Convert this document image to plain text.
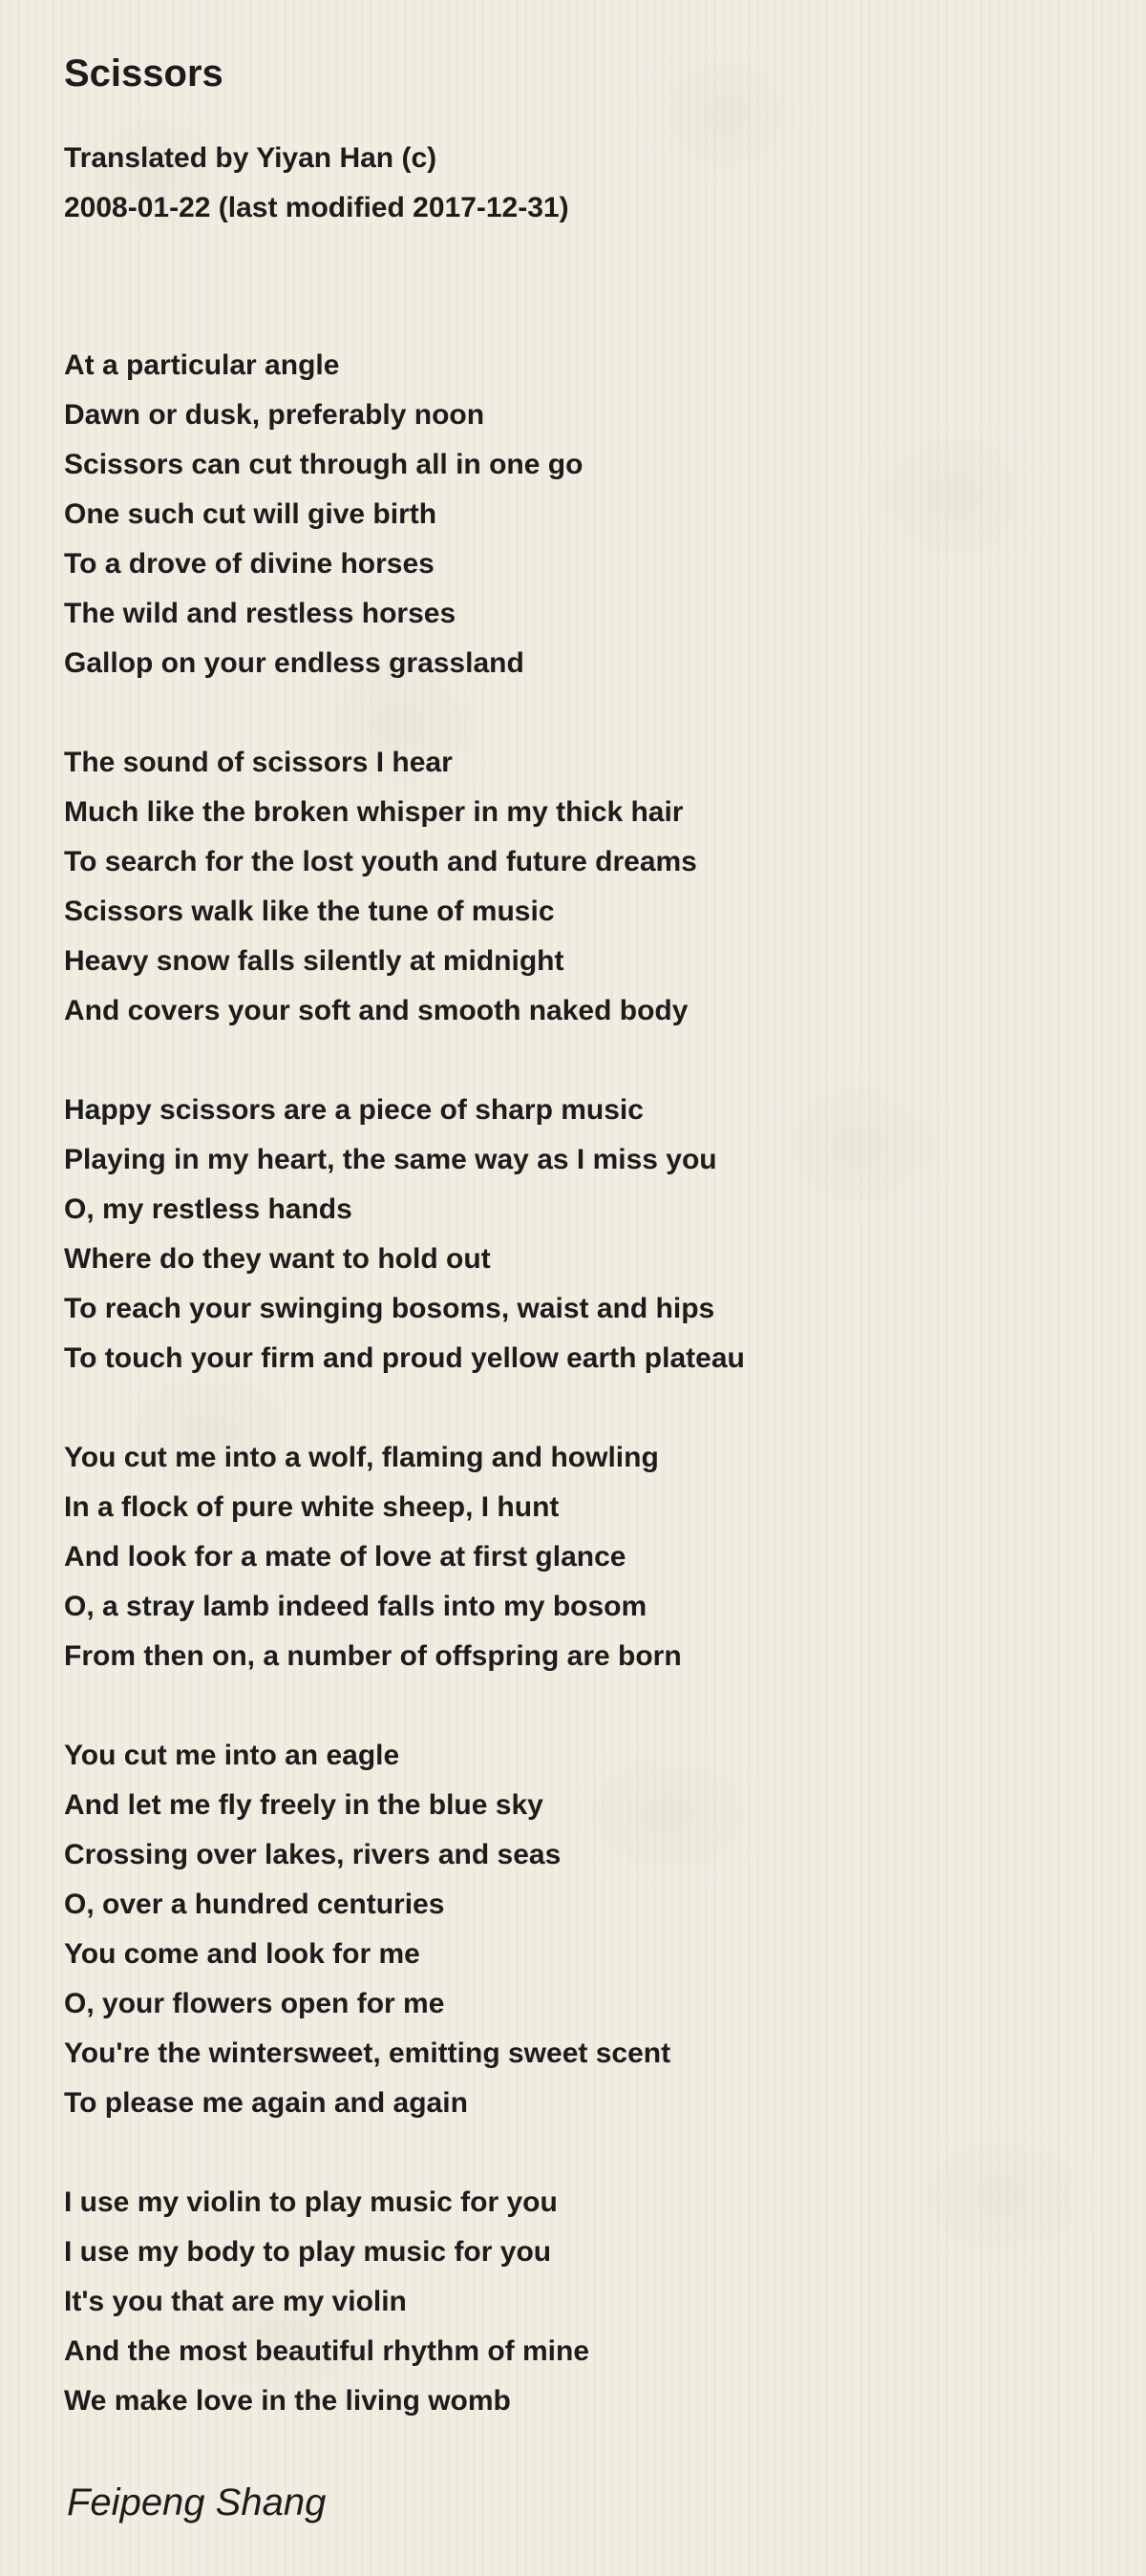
Scissors
Translated by Yiyan Han (c)
2008-01-22 (last modified 2017-12-31)
At a particular angle
Dawn or dusk, preferably noon
Scissors can cut through all in one go
One such cut will give birth
To a drove of divine horses
The wild and restless horses
Gallop on your endless grassland
The sound of scissors I hear
Much like the broken whisper in my thick hair
To search for the lost youth and future dreams
Scissors walk like the tune of music
Heavy snow falls silently at midnight
And covers your soft and smooth naked body
Happy scissors are a piece of sharp music
Playing in my heart, the same way as I miss you
O, my restless hands
Where do they want to hold out
To reach your swinging bosoms, waist and hips
To touch your firm and proud yellow earth plateau
You cut me into a wolf, flaming and howling
In a flock of pure white sheep, I hunt
And look for a mate of love at first glance
O, a stray lamb indeed falls into my bosom
From then on, a number of offspring are born
You cut me into an eagle
And let me fly freely in the blue sky
Crossing over lakes, rivers and seas
O, over a hundred centuries
You come and look for me
O, your flowers open for me
You're the wintersweet, emitting sweet scent
To please me again and again
I use my violin to play music for you
I use my body to play music for you
It's you that are my violin
And the most beautiful rhythm of mine
We make love in the living womb
Feipeng Shang
